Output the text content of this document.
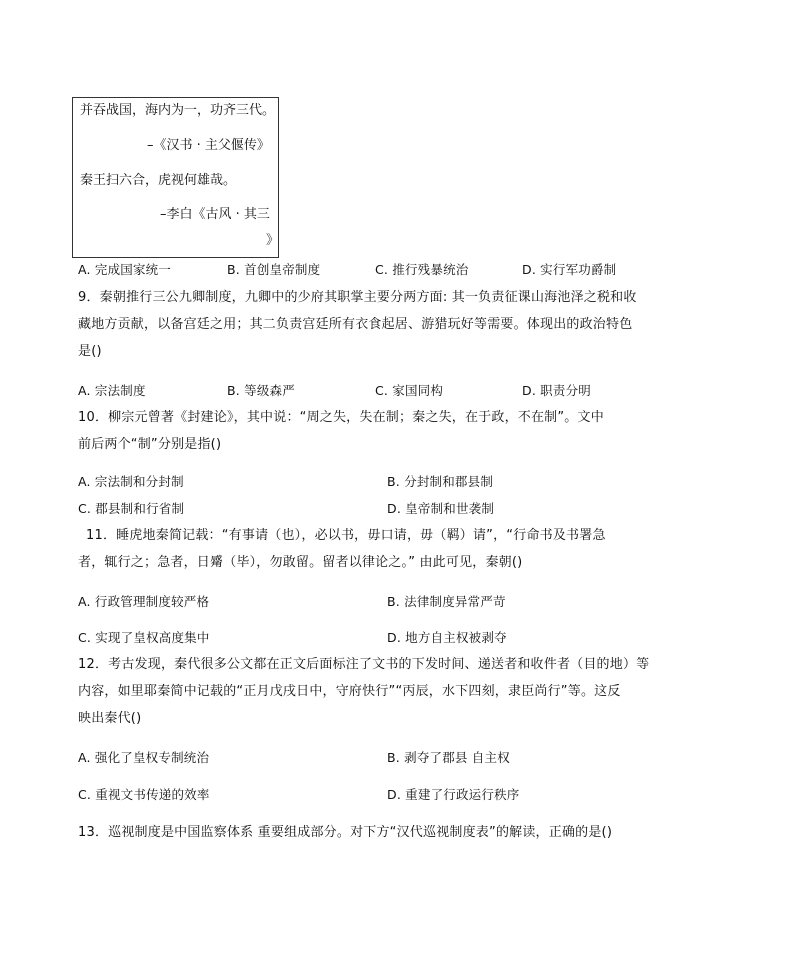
并吞战国，海内为一，功齐三代。
–《汉书 · 主父偃传》
秦王扫六合，虎视何雄哉。
–李白《古风 · 其三
》
A. 完成国家统一	B. 首创皇帝制度	C. 推行残暴统治	D. 实行军功爵制
9．秦朝推行三公九卿制度，九卿中的少府其职掌主要分两方面: 其一负责征课山海池泽之税和收
藏地方贡献，以备宫廷之用；其二负责宫廷所有衣食起居、游猎玩好等需要。体现出的政治特色
是()
A. 宗法制度	B. 等级森严	C. 家国同构	D. 职责分明
10．柳宗元曾著《封建论》，其中说：“周之失，失在制；秦之失，在于政，不在制”。文中
前后两个“制”分别是指()
A. 宗法制和分封制	B. 分封制和郡县制
C. 郡县制和行省制	D. 皇帝制和世袭制
11．睡虎地秦简记载：“有事请（也），必以书，毋口请，毋（羁）请”，“行命书及书署急
者，辄行之；急者，日觱（毕），勿敢留。留者以律论之。” 由此可见，秦朝()
A. 行政管理制度较严格	B. 法律制度异常严苛
C. 实现了皇权高度集中	D. 地方自主权被剥夺
12．考古发现，秦代很多公文都在正文后面标注了文书的下发时间、递送者和收件者（目的地）等
内容，如里耶秦简中记载的“正月戊戌日中，守府快行”“丙辰，水下四刻，隶臣尚行”等。这反
映出秦代()
A. 强化了皇权专制统治	B. 剥夺了郡县 自主权
C. 重视文书传递的效率	D. 重建了行政运行秩序
13．巡视制度是中国监察体系 重要组成部分。对下方“汉代巡视制度表”的解读，正确的是()
